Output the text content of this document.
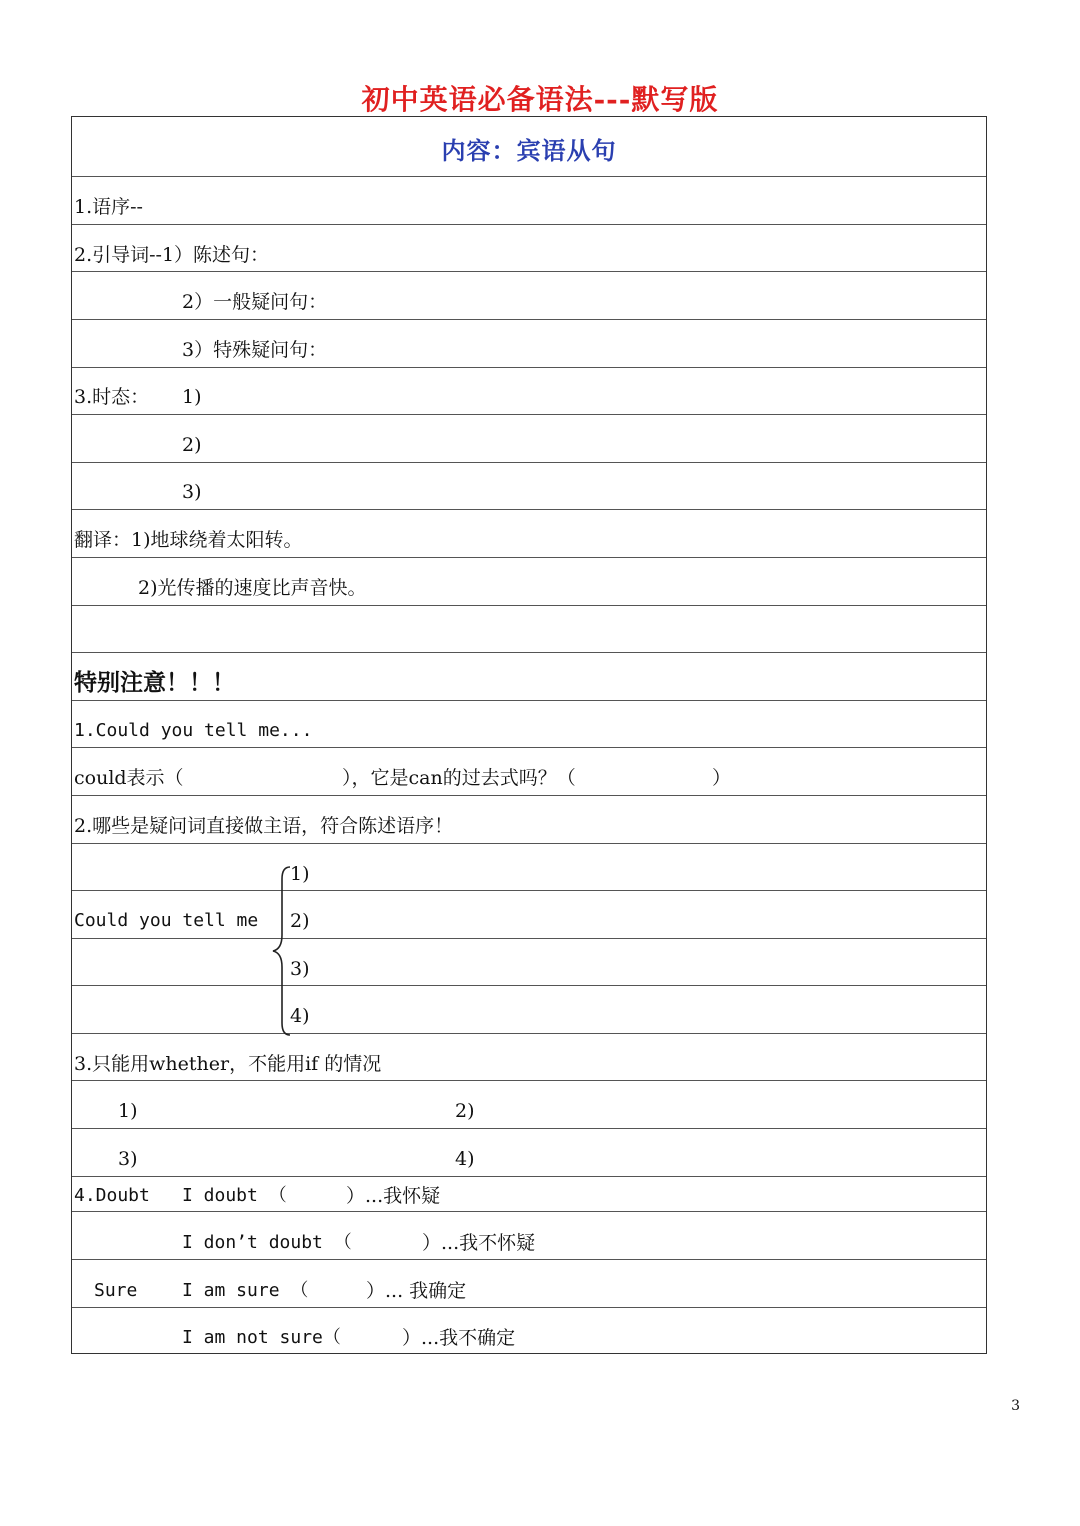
初中英语必备语法---默写版
内容：宾语从句
1.语序--
2.引导词--1）陈述句：
2）一般疑问句：
3）特殊疑问句：
3.时态： 1)
2)
3)
翻译：1)地球绕着太阳转。
2)光传播的速度比声音快。
特别注意！！！
1.Could you tell me...
could表示（	），它是can的过去式吗？（	）
2.哪些是疑问词直接做主语，符合陈述语序！
Could you tell me
1)
2)
3)
4)
3.只能用whether，不能用if 的情况
1)	2)
3)	4)
4.Doubt I doubt （	）...我怀疑
I don’t doubt （	）...我不怀疑
Sure I am sure （	）... 我确定
I am not sure（	）...我不确定
3
